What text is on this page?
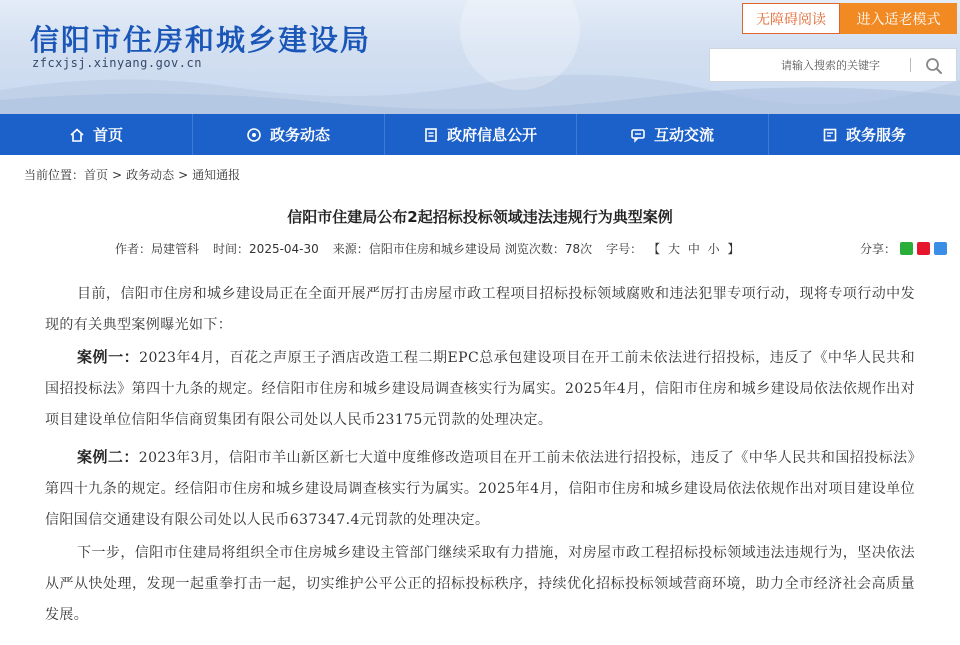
信阳市住房和城乡建设局
zfcxjsj.xinyang.gov.cn
无障碍阅读	进入适老模式
请输入搜索的关键字
首页	政务动态	政府信息公开	互动交流	政务服务
当前位置： 首页 > 政务动态 > 通知通报
信阳市住建局公布2起招标投标领域违法违规行为典型案例
作者： 局建管科 时间： 2025-04-30 来源： 信阳市住房和城乡建设局 浏览次数： 78次 字号： 【 大 中 小 】	分享：

目前，信阳市住房和城乡建设局正在全面开展严厉打击房屋市政工程项目招标投标领域腐败和违法犯罪专项行动，现将专项行动中发现的有关典型案例曝光如下：

案例一：2023年4月，百花之声原王子酒店改造工程二期EPC总承包建设项目在开工前未依法进行招投标，违反了《中华人民共和国招投标法》第四十九条的规定。经信阳市住房和城乡建设局调查核实行为属实。2025年4月，信阳市住房和城乡建设局依法依规作出对项目建设单位信阳华信商贸集团有限公司处以人民币23175元罚款的处理决定。

案例二：2023年3月，信阳市羊山新区新七大道中度维修改造项目在开工前未依法进行招投标，违反了《中华人民共和国招投标法》第四十九条的规定。经信阳市住房和城乡建设局调查核实行为属实。2025年4月，信阳市住房和城乡建设局依法依规作出对项目建设单位信阳国信交通建设有限公司处以人民币637347.4元罚款的处理决定。

下一步，信阳市住建局将组织全市住房城乡建设主管部门继续采取有力措施，对房屋市政工程招标投标领域违法违规行为，坚决依法从严从快处理，发现一起重拳打击一起，切实维护公平公正的招标投标秩序，持续优化招标投标领域营商环境，助力全市经济社会高质量发展。
